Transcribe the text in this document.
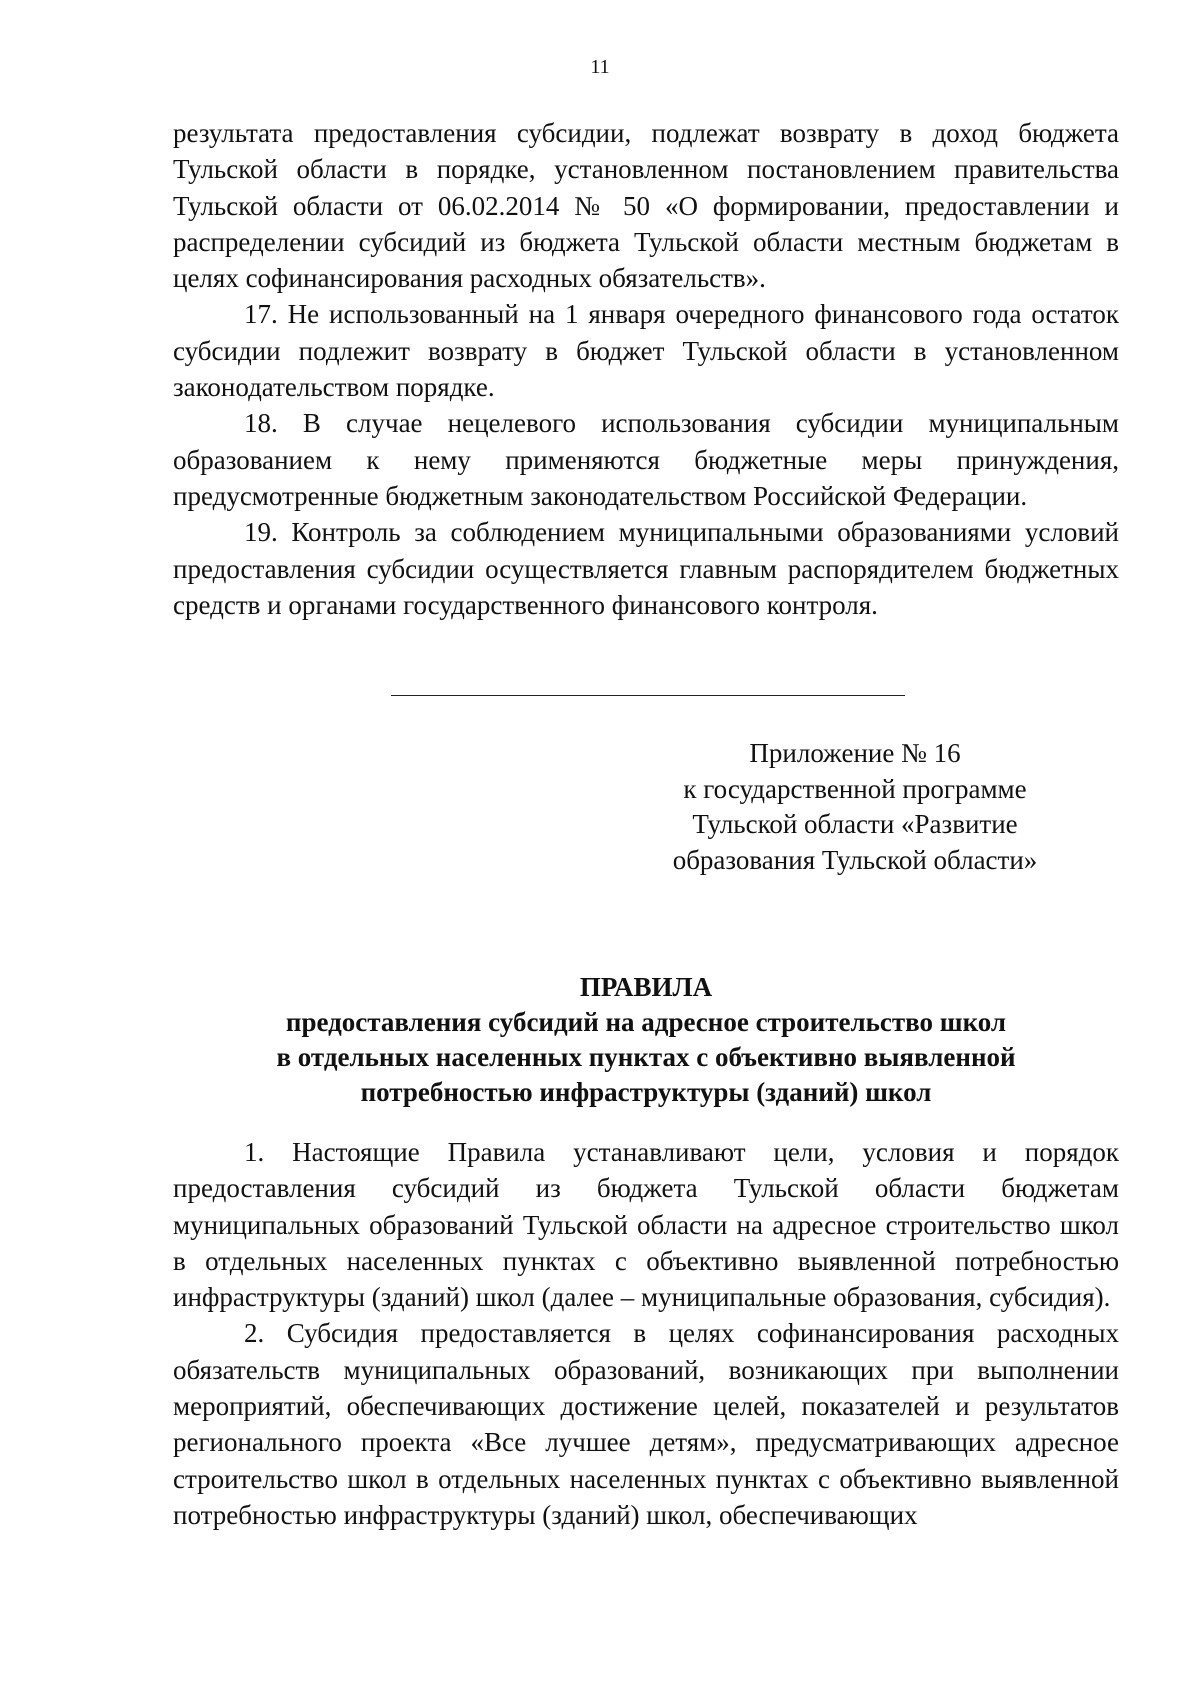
11

результата предоставления субсидии, подлежат возврату в доход бюджета Тульской области в порядке, установленном постановлением правительства Тульской области от 06.02.2014 № 50 «О формировании, предоставлении и распределении субсидий из бюджета Тульской области местным бюджетам в целях софинансирования расходных обязательств».

17. Не использованный на 1 января очередного финансового года остаток субсидии подлежит возврату в бюджет Тульской области в установленном законодательством порядке.

18. В случае нецелевого использования субсидии муниципальным образованием к нему применяются бюджетные меры принуждения, предусмотренные бюджетным законодательством Российской Федерации.

19. Контроль за соблюдением муниципальными образованиями условий предоставления субсидии осуществляется главным распорядителем бюджетных средств и органами государственного финансового контроля.

Приложение № 16
к государственной программе
Тульской области «Развитие
образования Тульской области»
ПРАВИЛА
предоставления субсидий на адресное строительство школ
в отдельных населенных пунктах с объективно выявленной
потребностью инфраструктуры (зданий) школ

1. Настоящие Правила устанавливают цели, условия и порядок предоставления субсидий из бюджета Тульской области бюджетам муниципальных образований Тульской области на адресное строительство школ в отдельных населенных пунктах с объективно выявленной потребностью инфраструктуры (зданий) школ (далее – муниципальные образования, субсидия).

2. Субсидия предоставляется в целях софинансирования расходных обязательств муниципальных образований, возникающих при выполнении мероприятий, обеспечивающих достижение целей, показателей и результатов регионального проекта «Все лучшее детям», предусматривающих адресное строительство школ в отдельных населенных пунктах с объективно выявленной потребностью инфраструктуры (зданий) школ, обеспечивающих
